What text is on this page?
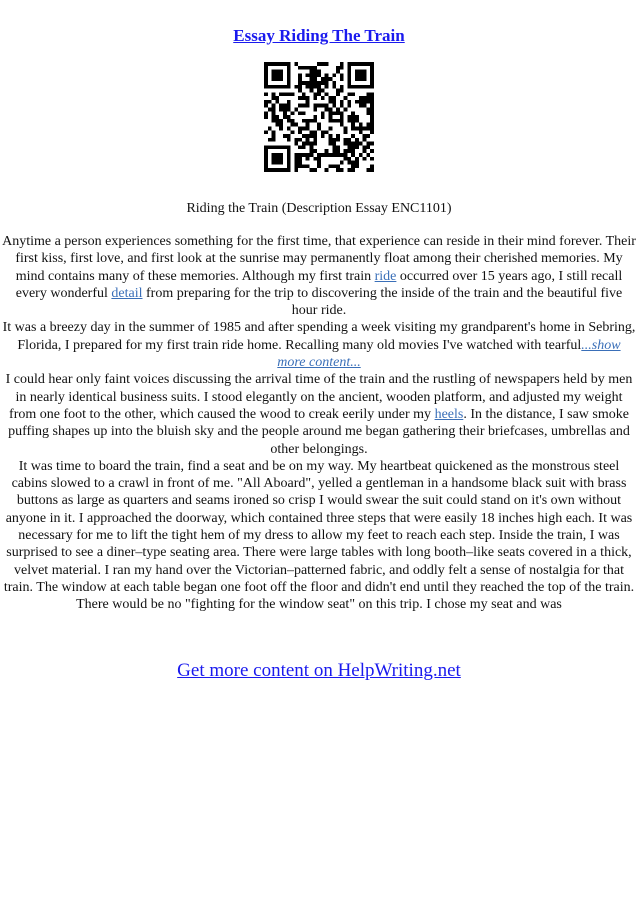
Essay Riding The Train
Riding the Train (Description Essay ENC1101)

Anytime a person experiences something for the first time, that experience can reside in their mind forever. Their first kiss, first love, and first look at the sunrise may permanently float among their cherished memories. My mind contains many of these memories. Although my first train ride occurred over 15 years ago, I still recall every wonderful detail from preparing for the trip to discovering the inside of the train and the beautiful five hour ride.

It was a breezy day in the summer of 1985 and after spending a week visiting my grandparent's home in Sebring, Florida, I prepared for my first train ride home. Recalling many old movies I've watched with tearful...show more content...

I could hear only faint voices discussing the arrival time of the train and the rustling of newspapers held by men in nearly identical business suits. I stood elegantly on the ancient, wooden platform, and adjusted my weight from one foot to the other, which caused the wood to creak eerily under my heels. In the distance, I saw smoke puffing shapes up into the bluish sky and the people around me began gathering their briefcases, umbrellas and other belongings.

It was time to board the train, find a seat and be on my way. My heartbeat quickened as the monstrous steel cabins slowed to a crawl in front of me. "All Aboard", yelled a gentleman in a handsome black suit with brass buttons as large as quarters and seams ironed so crisp I would swear the suit could stand on it's own without anyone in it. I approached the doorway, which contained three steps that were easily 18 inches high each. It was necessary for me to lift the tight hem of my dress to allow my feet to reach each step. Inside the train, I was surprised to see a diner–type seating area. There were large tables with long booth–like seats covered in a thick, velvet material. I ran my hand over the Victorian–patterned fabric, and oddly felt a sense of nostalgia for that train. The window at each table began one foot off the floor and didn't end until they reached the top of the train. There would be no "fighting for the window seat" on this trip. I chose my seat and was

Get more content on HelpWriting.net
